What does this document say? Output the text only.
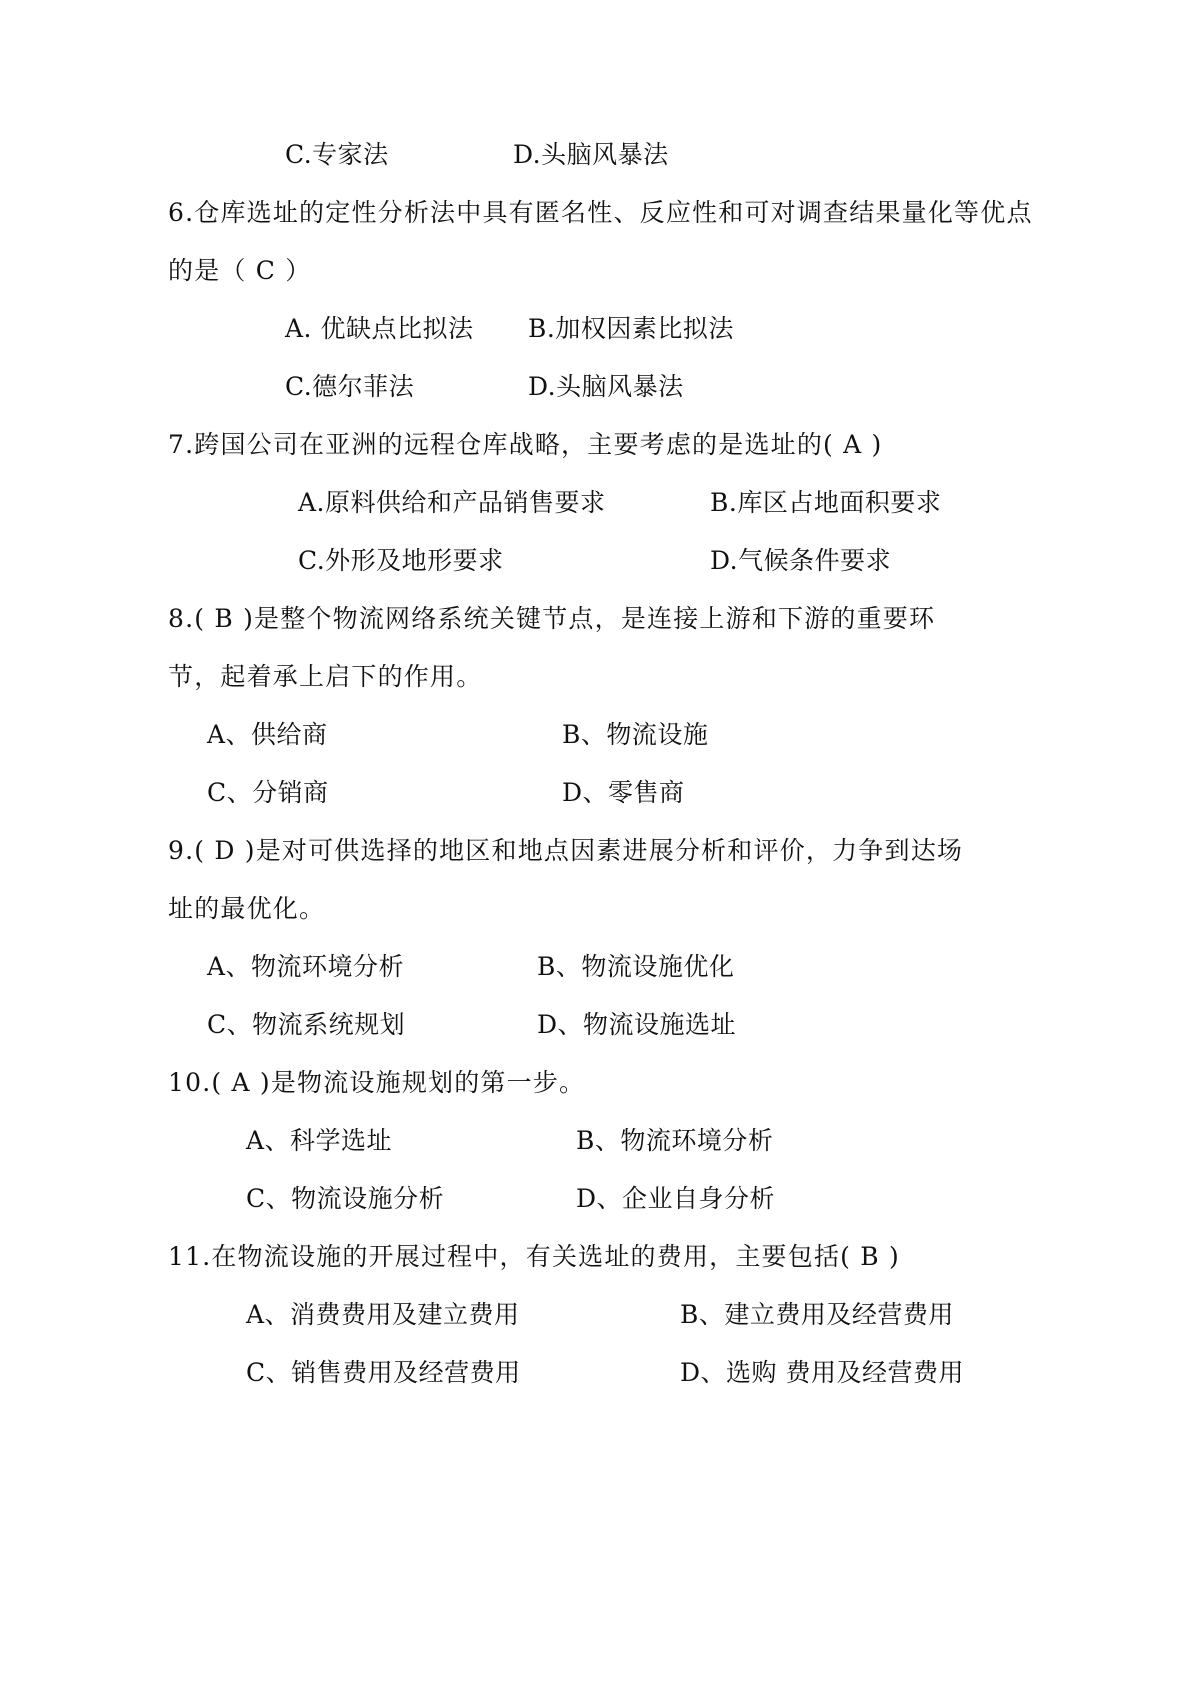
C.专家法	D.头脑风暴法
6.仓库选址的定性分析法中具有匿名性、反应性和可对调查结果量化等优点
的是（ C ）
A. 优缺点比拟法 B.加权因素比拟法
C.德尔菲法	D.头脑风暴法
7.跨国公司在亚洲的远程仓库战略，主要考虑的是选址的( A )
A.原料供给和产品销售要求	B.库区占地面积要求
C.外形及地形要求	D.气候条件要求
8.( B )是整个物流网络系统关键节点，是连接上游和下游的重要环
节，起着承上启下的作用。
A、供给商	B、物流设施
C、分销商	D、零售商
9.( D )是对可供选择的地区和地点因素进展分析和评价，力争到达场
址的最优化。
A、物流环境分析	B、物流设施优化
C、物流系统规划	D、物流设施选址
10.( A )是物流设施规划的第一步。
A、科学选址	B、物流环境分析
C、物流设施分析	D、企业自身分析
11.在物流设施的开展过程中，有关选址的费用，主要包括( B )
A、消费费用及建立费用	B、建立费用及经营费用
C、销售费用及经营费用	D、选购 费用及经营费用
